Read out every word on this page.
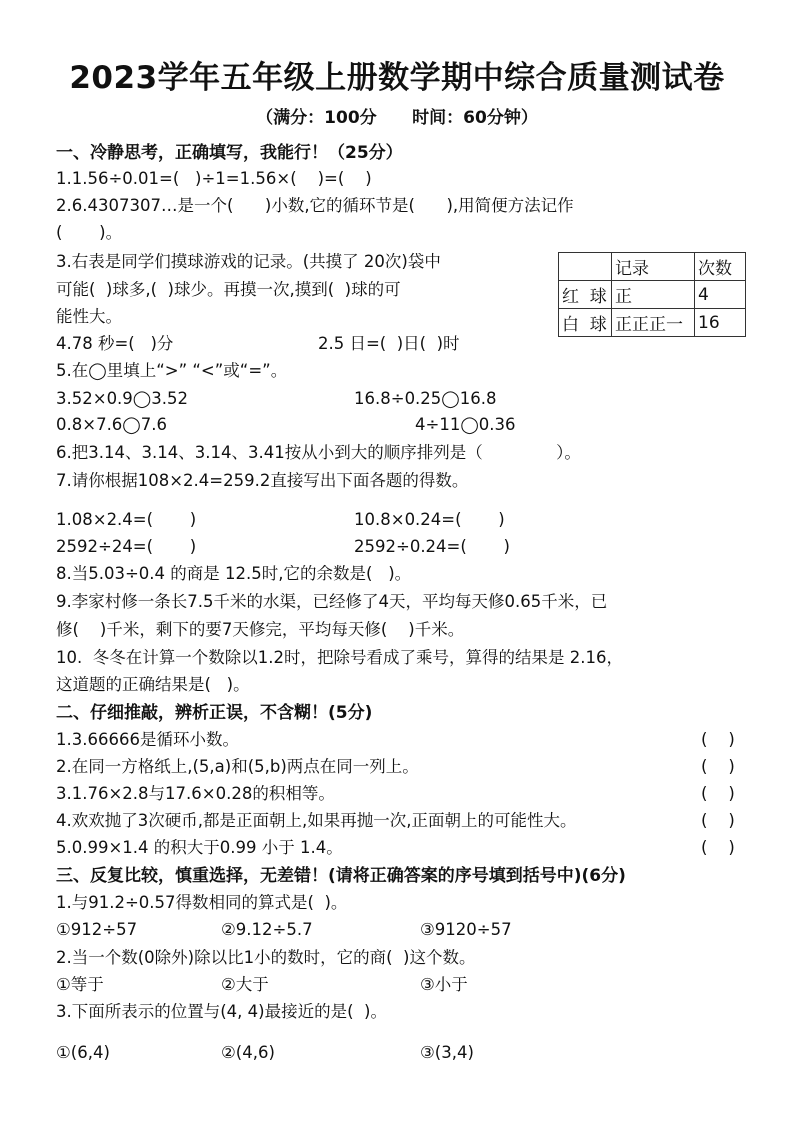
2023学年五年级上册数学期中综合质量测试卷
（满分：100分      时间：60分钟）
一、冷静思考，正确填写，我能行！（25分）
1.1.56÷0.01=(   )÷1=1.56×(    )=(    )
2.6.4307307…是一个(      )小数,它的循环节是(      ),用简便方法记作
(       )。
3.右表是同学们摸球游戏的记录。(共摸了 20次)袋中
可能(  )球多,(  )球少。再摸一次,摸到(  )球的可
能性大。
	记录	次数
红  球	正	4
白  球	正正正一	16
4.78 秒=(   )分	2.5 日=(  )日(  )时
5.在◯里填上“>” “<”或“=”。
3.52×0.9◯3.52	16.8÷0.25◯16.8
0.8×7.6◯7.6	4÷11◯0.36
6.把3.14、3.14、3.14、3.41按从小到大的顺序排列是（              ）。
7.请你根据108×2.4=259.2直接写出下面各题的得数。
1.08×2.4=(       )	10.8×0.24=(       )
2592÷24=(       )	2592÷0.24=(       )
8.当5.03÷0.4 的商是 12.5时,它的余数是(   )。
9.李家村修一条长7.5千米的水渠，已经修了4天，平均每天修0.65千米，已
修(    )千米，剩下的要7天修完，平均每天修(    )千米。
10.  冬冬在计算一个数除以1.2时，把除号看成了乘号，算得的结果是 2.16，
这道题的正确结果是(   )。
二、仔细推敲，辨析正误，不含糊！(5分)
1.3.66666是循环小数。	(    )
2.在同一方格纸上,(5,a)和(5,b)两点在同一列上。	(    )
3.1.76×2.8与17.6×0.28的积相等。	(    )
4.欢欢抛了3次硬币,都是正面朝上,如果再抛一次,正面朝上的可能性大。	(    )
5.0.99×1.4 的积大于0.99 小于 1.4。	(    )
三、反复比较，慎重选择，无差错！(请将正确答案的序号填到括号中)(6分)
1.与91.2÷0.57得数相同的算式是(  )。
①912÷57	②9.12÷5.7	③9120÷57
2.当一个数(0除外)除以比1小的数时，它的商(  )这个数。
①等于	②大于	③小于
3.下面所表示的位置与(4, 4)最接近的是(  )。
①(6,4)	②(4,6)	③(3,4)
